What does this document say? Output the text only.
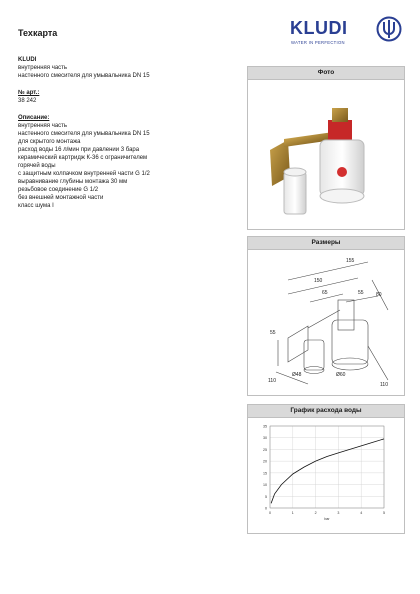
Техкарта	KLUDI
WATER IN PERFECTION
KLUDI
внутренняя часть
настенного смесителя для умывальника DN 15
№ арт.:
38 242
Описание:
внутренняя часть
настенного смесителя для умывальника DN 15
для скрытого монтажа
расход воды 16 л/мин при давлении 3 бара
керамический картридж К-36 с ограничителем
горячей воды
с защитным колпачком внутренней части G 1/2
выравнивание глубины монтажа 30 мм
резьбовое соединение G 1/2
без внешней монтажной части
класс шума I
Фото
Размеры
155
150
65	55 80
55
Ø48	Ø60
110
110
График расхода воды
0
5
10
15
20
25
30
35
0	1	2	3	4	5
bar
